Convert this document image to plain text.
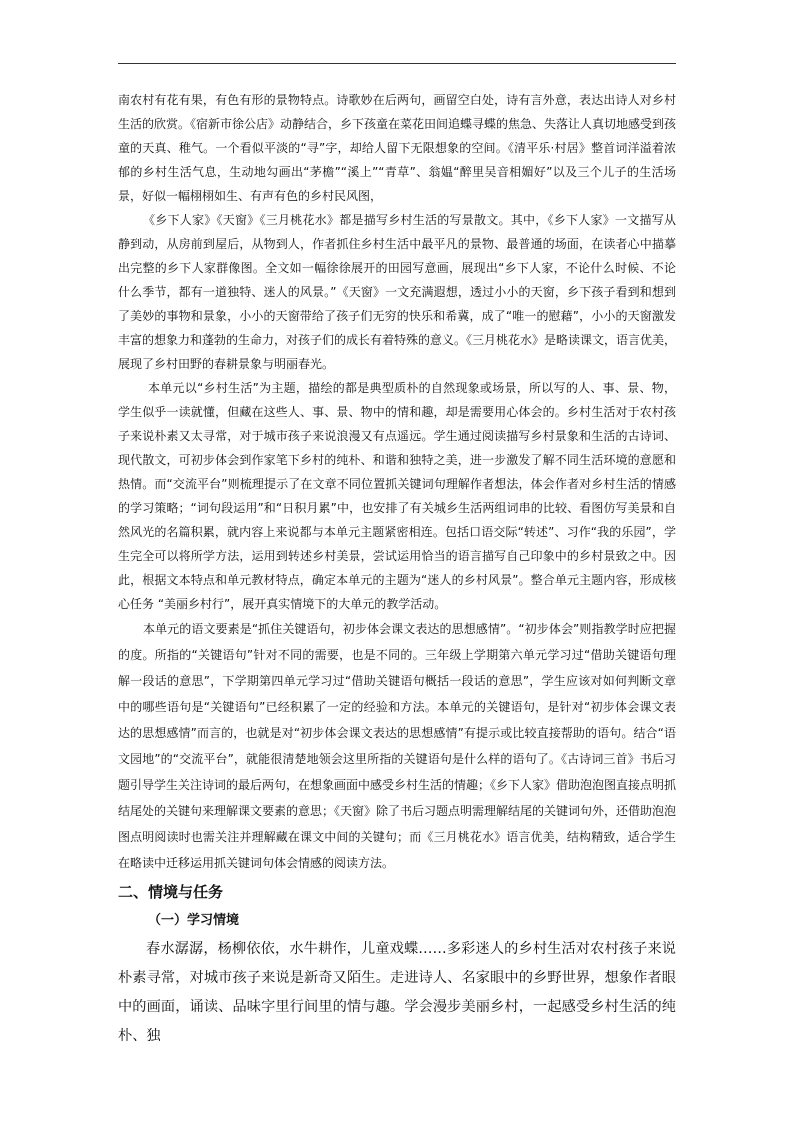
南农村有花有果，有色有形的景物特点。诗歌妙在后两句，画留空白处，诗有言外意，表达出诗人对乡村生活的欣赏。《宿新市徐公店》动静结合，乡下孩童在菜花田间追蝶寻蝶的焦急、失落让人真切地感受到孩童的天真、稚气。一个看似平淡的“寻”字，却给人留下无限想象的空间。《清平乐·村居》整首词洋溢着浓郁的乡村生活气息，生动地勾画出“茅檐”“溪上”“青草”、翁媪“醉里吴音相媚好”以及三个儿子的生活场景，好似一幅栩栩如生、有声有色的乡村民风图，

《乡下人家》《天窗》《三月桃花水》都是描写乡村生活的写景散文。其中，《乡下人家》一文描写从静到动，从房前到屋后，从物到人，作者抓住乡村生活中最平凡的景物、最普通的场面，在读者心中描摹出完整的乡下人家群像图。全文如一幅徐徐展开的田园写意画，展现出“乡下人家，不论什么时候、不论什么季节，都有一道独特、迷人的风景。”《天窗》一文充满遐想，透过小小的天窗，乡下孩子看到和想到了美妙的事物和景象，小小的天窗带给了孩子们无穷的快乐和希冀，成了“唯一的慰藉”，小小的天窗激发丰富的想象力和蓬勃的生命力，对孩子们的成长有着特殊的意义。《三月桃花水》是略读课文，语言优美，展现了乡村田野的春耕景象与明丽春光。

本单元以“乡村生活”为主题，描绘的都是典型质朴的自然现象或场景，所以写的人、事、景、物，学生似乎一读就懂，但藏在这些人、事、景、物中的情和趣，却是需要用心体会的。乡村生活对于农村孩子来说朴素又太寻常，对于城市孩子来说浪漫又有点遥远。学生通过阅读描写乡村景象和生活的古诗词、现代散文，可初步体会到作家笔下乡村的纯朴、和谐和独特之美，进一步激发了解不同生活环境的意愿和热情。而“交流平台”则梳理提示了在文章不同位置抓关键词句理解作者想法，体会作者对乡村生活的情感的学习策略；“词句段运用”和“日积月累”中，也安排了有关城乡生活两组词串的比较、看图仿写美景和自然风光的名篇积累，就内容上来说都与本单元主题紧密相连。包括口语交际“转述”、习作“我的乐园”，学生完全可以将所学方法，运用到转述乡村美景，尝试运用恰当的语言描写自己印象中的乡村景致之中。因此，根据文本特点和单元教材特点，确定本单元的主题为“迷人的乡村风景”。整合单元主题内容，形成核心任务 “美丽乡村行”，展开真实情境下的大单元的教学活动。

本单元的语文要素是“抓住关键语句，初步体会课文表达的思想感情”。“初步体会”则指教学时应把握的度。所指的“关键语句”针对不同的需要，也是不同的。三年级上学期第六单元学习过“借助关键语句理解一段话的意思”，下学期第四单元学习过“借助关键语句概括一段话的意思”，学生应该对如何判断文章中的哪些语句是“关键语句”已经积累了一定的经验和方法。本单元的关键语句，是针对“初步体会课文表达的思想感情”而言的，也就是对“初步体会课文表达的思想感情”有提示或比较直接帮助的语句。结合“语文园地”的“交流平台”，就能很清楚地领会这里所指的关键语句是什么样的语句了。《古诗词三首》书后习题引导学生关注诗词的最后两句，在想象画面中感受乡村生活的情趣；《乡下人家》借助泡泡图直接点明抓结尾处的关键句来理解课文要素的意思；《天窗》除了书后习题点明需理解结尾的关键词句外，还借助泡泡图点明阅读时也需关注并理解藏在课文中间的关键句；而《三月桃花水》语言优美，结构精致，适合学生在略读中迁移运用抓关键词句体会情感的阅读方法。

二、情境与任务
（一）学习情境

春水潺潺，杨柳依依，水牛耕作，儿童戏蝶……多彩迷人的乡村生活对农村孩子来说朴素寻常，对城市孩子来说是新奇又陌生。走进诗人、名家眼中的乡野世界，想象作者眼中的画面，诵读、品味字里行间里的情与趣。学会漫步美丽乡村，一起感受乡村生活的纯朴、独
